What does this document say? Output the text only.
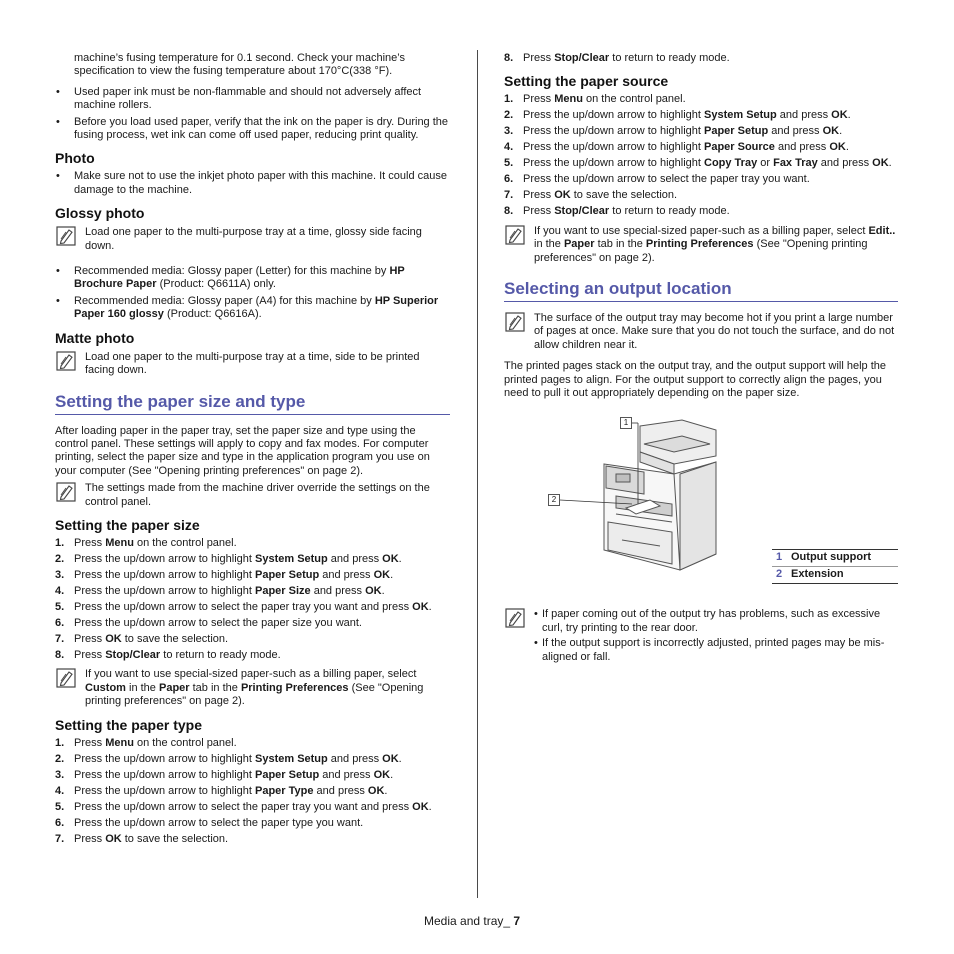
machine’s fusing temperature for 0.1 second. Check your machine’s specification to view the fusing temperature about 170°C(338 °F).

• Used paper ink must be non-flammable and should not adversely affect machine rollers.
• Before you load used paper, verify that the ink on the paper is dry. During the fusing process, wet ink can come off used paper, reducing print quality.
Photo
• Make sure not to use the inkjet photo paper with this machine. It could cause damage to the machine.
Glossy photo

Load one paper to the multi-purpose tray at a time, glossy side facing down.

• Recommended media: Glossy paper (Letter) for this machine by HP Brochure Paper (Product: Q6611A) only.
• Recommended media: Glossy paper (A4) for this machine by HP Superior Paper 160 glossy (Product: Q6616A).
Matte photo

Load one paper to the multi-purpose tray at a time, side to be printed facing down.

Setting the paper size and type

After loading paper in the paper tray, set the paper size and type using the control panel. These settings will apply to copy and fax modes. For computer printing, select the paper size and type in the application program you use on your computer (See "Opening printing preferences" on page 2).

The settings made from the machine driver override the settings on the control panel.

Setting the paper size
1. Press Menu on the control panel.
2. Press the up/down arrow to highlight System Setup and press OK.
3. Press the up/down arrow to highlight Paper Setup and press OK.
4. Press the up/down arrow to highlight Paper Size and press OK.
5. Press the up/down arrow to select the paper tray you want and press OK.
6. Press the up/down arrow to select the paper size you want.
7. Press OK to save the selection.
8. Press Stop/Clear to return to ready mode.

If you want to use special-sized paper-such as a billing paper, select Custom in the Paper tab in the Printing Preferences (See "Opening printing preferences" on page 2).

Setting the paper type
1. Press Menu on the control panel.
2. Press the up/down arrow to highlight System Setup and press OK.
3. Press the up/down arrow to highlight Paper Setup and press OK.
4. Press the up/down arrow to highlight Paper Type and press OK.
5. Press the up/down arrow to select the paper tray you want and press OK.
6. Press the up/down arrow to select the paper type you want.
7. Press OK to save the selection.
8. Press Stop/Clear to return to ready mode.
Setting the paper source
1. Press Menu on the control panel.
2. Press the up/down arrow to highlight System Setup and press OK.
3. Press the up/down arrow to highlight Paper Setup and press OK.
4. Press the up/down arrow to highlight Paper Source and press OK.
5. Press the up/down arrow to highlight Copy Tray or Fax Tray and press OK.
6. Press the up/down arrow to select the paper tray you want.
7. Press OK to save the selection.
8. Press Stop/Clear to return to ready mode.

If you want to use special-sized paper-such as a billing paper, select Edit.. in the Paper tab in the Printing Preferences (See "Opening printing preferences" on page 2).

Selecting an output location

The surface of the output tray may become hot if you print a large number of pages at once. Make sure that you do not touch the surface, and do not allow children near it.

The printed pages stack on the output tray, and the output support will help the printed pages to align. For the output support to correctly align the pages, you need to pull it out appropriately depending on the paper size.

1
2
1 Output support
2 Extension
• If paper coming out of the output try has problems, such as excessive curl, try printing to the rear door.
• If the output support is incorrectly adjusted, printed pages may be mis-aligned or fall.
Media and tray_ 7
